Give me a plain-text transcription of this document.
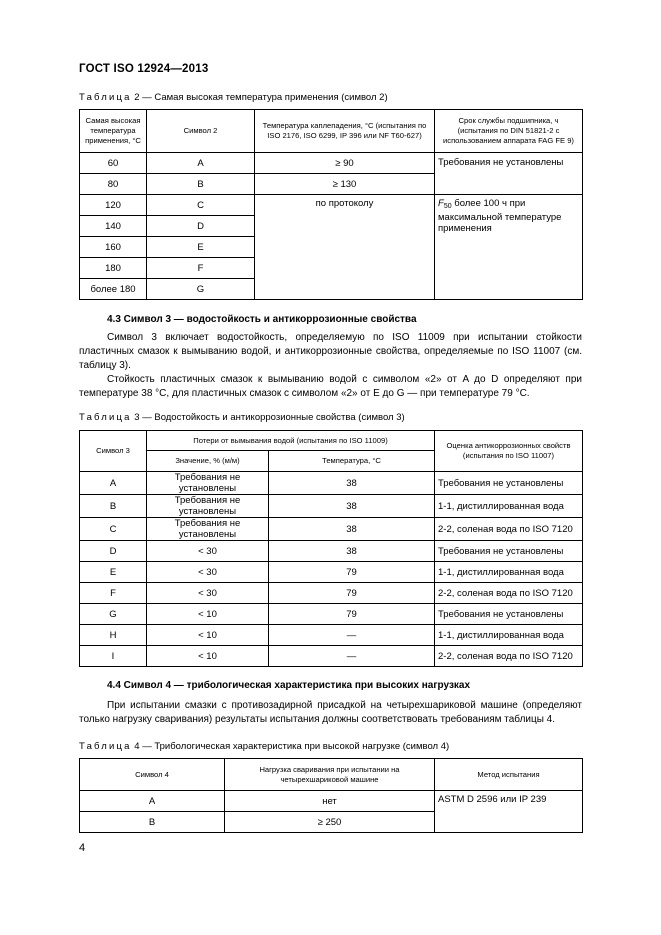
ГОСТ ISO 12924—2013
Таблица 2 — Самая высокая температура применения (символ 2)
Самая высокая температура применения, °С	Символ 2	Температура каплепадения, °С (испытания по ISO 2176, ISO 6299, IP 396 или NF T60-627)	Срок службы подшипника, ч (испытания по DIN 51821-2 с использованием аппарата FAG FE 9)
60	A	≥ 90	Требования не установлены
80	B	≥ 130	
120	C	по протоколу	$F_{50}$ более 100 ч при максимальной температуре применения
140	D		
160	E		
180	F		
более 180	G		
4.3 Символ 3 — водостойкость и антикоррозионные свойства

Символ 3 включает водостойкость, определяемую по ISO 11009 при испытании стойкости пластичных смазок к вымыванию водой, и антикоррозионные свойства, определяемые по ISO 11007 (см. таблицу 3).

Стойкость пластичных смазок к вымыванию водой с символом «2» от A до D определяют при температуре 38 °С, для пластичных смазок с символом «2» от E до G — при температуре 79 °С.

Таблица 3 — Водостойкость и антикоррозионные свойства (символ 3)
Символ 3	Потери от вымывания водой (испытания по ISO 11009)		Оценка антикоррозионных свойств (испытания по ISO 11007)
	Значение, % (м/м)	Температура, °С	
A	Требования не установлены	38	Требования не установлены
B	Требования не установлены	38	1-1, дистиллированная вода
C	Требования не установлены	38	2-2, соленая вода по ISO 7120
D	< 30	38	Требования не установлены
E	< 30	79	1-1, дистиллированная вода
F	< 30	79	2-2, соленая вода по ISO 7120
G	< 10	79	Требования не установлены
H	< 10	—	1-1, дистиллированная вода
I	< 10	—	2-2, соленая вода по ISO 7120
4.4 Символ 4 — трибологическая характеристика при высоких нагрузках

При испытании смазки с противозадирной присадкой на четырехшариковой машине (определяют только нагрузку сваривания) результаты испытания должны соответствовать требованиям таблицы 4.

Таблица 4 — Трибологическая характеристика при высокой нагрузке (символ 4)
Символ 4	Нагрузка сваривания при испытании на четырехшариковой машине	Метод испытания
A	нет	ASTM D 2596 или IP 239
B	≥ 250	
4
